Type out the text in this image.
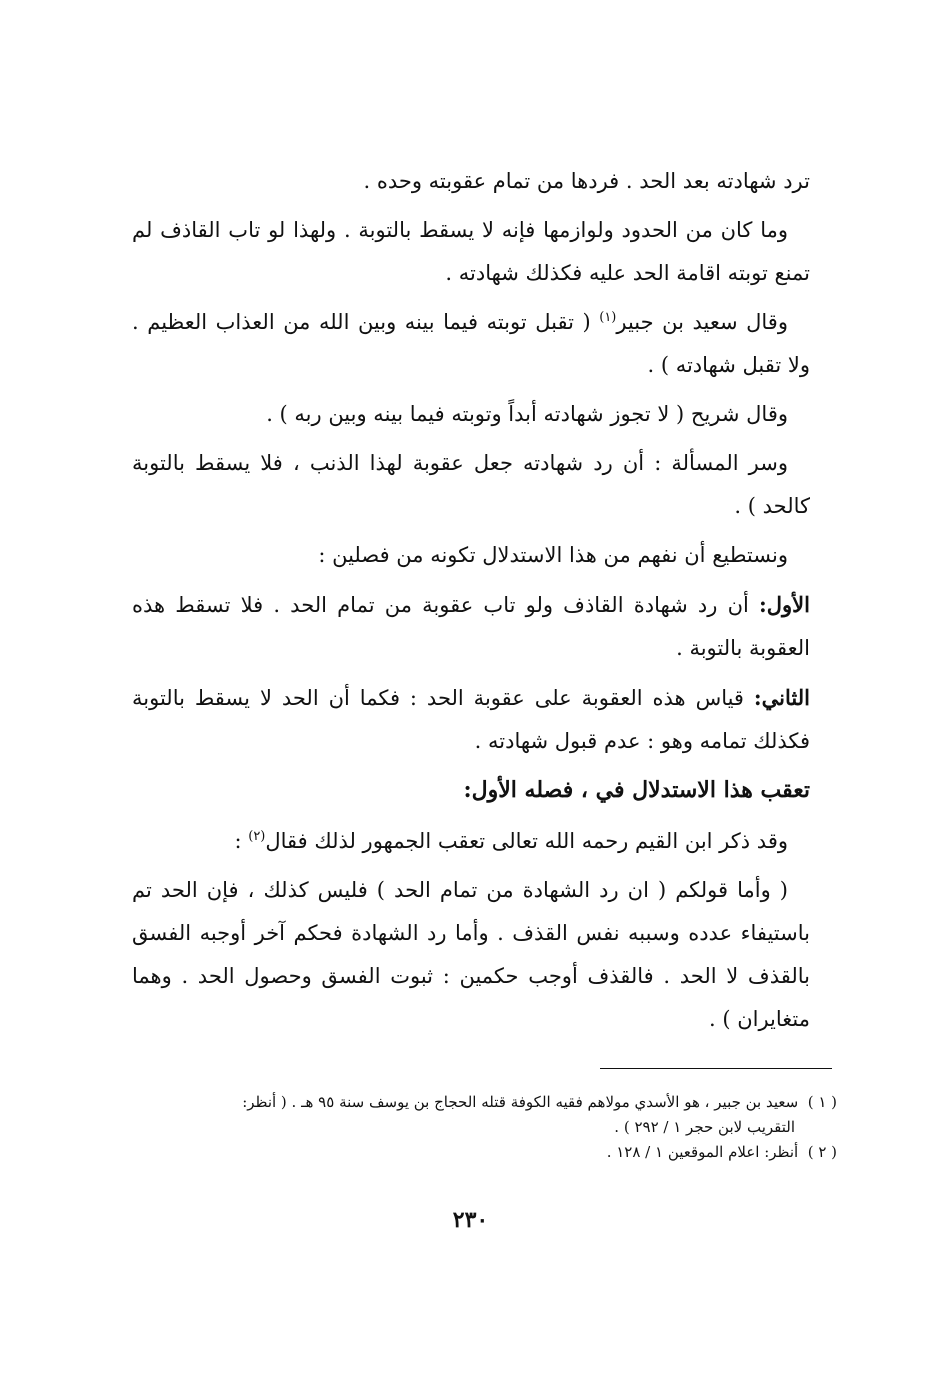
ترد شهادته بعد الحد . فردها من تمام عقوبته وحده .

وما كان من الحدود ولوازمها فإنه لا يسقط بالتوبة . ولهذا لو تاب القاذف لم تمنع توبته اقامة الحد عليه فكذلك شهادته .

وقال سعيد بن جبير$^{(١)}$ ( تقبل توبته فيما بينه وبين الله من العذاب العظيم . ولا تقبل شهادته ) .

وقال شريح ( لا تجوز شهادته أبداً وتوبته فيما بينه وبين ربه ) .

وسر المسألة : أن رد شهادته جعل عقوبة لهذا الذنب ، فلا يسقط بالتوبة كالحد ) .

ونستطيع أن نفهم من هذا الاستدلال تكونه من فصلين :

الأول: أن رد شهادة القاذف ولو تاب عقوبة من تمام الحد . فلا تسقط هذه العقوبة بالتوبة .

الثاني: قياس هذه العقوبة على عقوبة الحد : فكما أن الحد لا يسقط بالتوبة فكذلك تمامه وهو : عدم قبول شهادته .

تعقب هذا الاستدلال في ، فصله الأول:

وقد ذكر ابن القيم رحمه الله تعالى تعقب الجمهور لذلك فقال$^{(٢)}$ :

( وأما قولكم ( ان رد الشهادة من تمام الحد ) فليس كذلك ، فإن الحد تم باستيفاء عدده وسببه نفس القذف . وأما رد الشهادة فحكم آخر أوجبه الفسق بالقذف لا الحد . فالقذف أوجب حكمين : ثبوت الفسق وحصول الحد . وهما متغايران ) .

( ١ ) سعيد بن جبير ، هو الأسدي مولاهم فقيه الكوفة قتله الحجاج بن يوسف سنة ٩٥ هـ . ( أنظر:

التقريب لابن حجر ١ / ٢٩٢ ) .

( ٢ ) أنظر: اعلام الموقعين ١ / ١٢٨ .

٢٣٠
